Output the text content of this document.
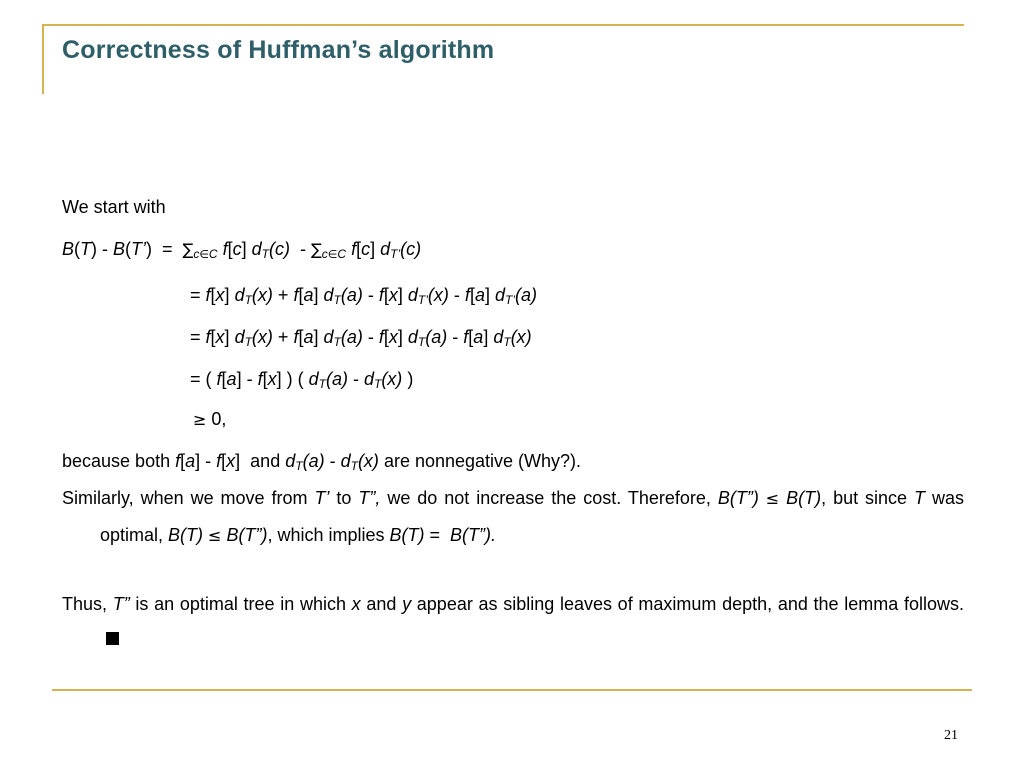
Correctness of Huffman’s algorithm
We start with
B(T) - B(T’)  =  $\sum_{c\in C}$ f[c] $d_T(c) - \sum_{c\in C}$ f[c] $d_{T’}(c)$
= f[x] $d_T(x) + f[a]$ $d_T(a) - f[x]$ $d_{T’}(x) - f[a]$ $d_{T’}(a)$
= f[x] $d_T(x) + f[a]$ $d_T(a) - f[x]$ $d_T(a) - f[a]$ $d_T(x)$
= ( f[a] - f[x] ) ( $d_T(a) - d_T(x)$ )
≥ 0,
because both f[a] - f[x]  and $d_T(a) - d_T(x)$ are nonnegative (Why?).
Similarly, when we move from T’ to T”, we do not increase the cost. Therefore, B(T”) ≤ B(T), but since T was optimal, B(T) ≤ B(T”), which implies B(T) =  B(T”).
Thus, T” is an optimal tree in which x and y appear as sibling leaves of maximum depth, and the lemma follows.
21
